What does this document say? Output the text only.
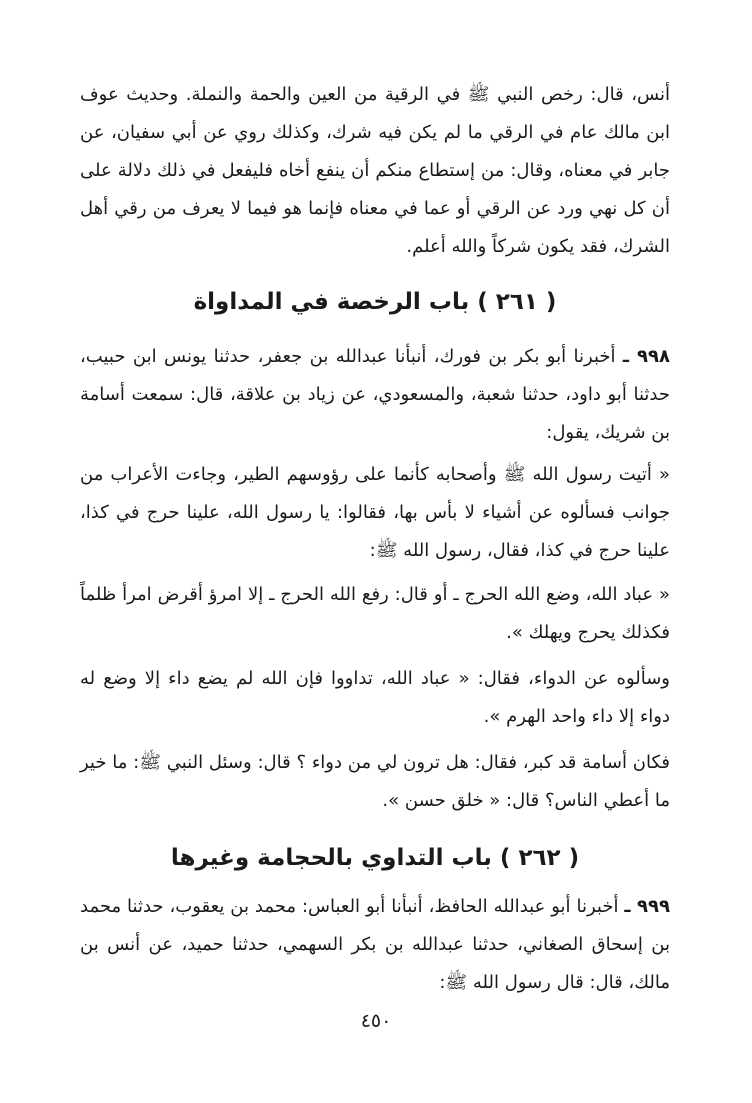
أنس، قال: رخص النبي ﷺ في الرقية من العين والحمة والنملة. وحديث عوف ابن مالك عام في الرقي ما لم يكن فيه شرك، وكذلك روي عن أبي سفيان، عن جابر في معناه، وقال: من إستطاع منكم أن ينفع أخاه فليفعل في ذلك دلالة على أن كل نهي ورد عن الرقي أو عما في معناه فإنما هو فيما لا يعرف من رقي أهل الشرك، فقد يكون شركاً والله أعلم.
( ٢٦١ ) باب الرخصة في المداواة
٩٩٨ ـ أخبرنا أبو بكر بن فورك، أنبأنا عبدالله بن جعفر، حدثنا يونس ابن حبيب، حدثنا أبو داود، حدثنا شعبة، والمسعودي، عن زياد بن علاقة، قال: سمعت أسامة بن شريك، يقول:
« أتيت رسول الله ﷺ وأصحابه كأنما على رؤوسهم الطير، وجاءت الأعراب من جوانب فسألوه عن أشياء لا بأس بها، فقالوا: يا رسول الله، علينا حرج في كذا، علينا حرج في كذا، فقال، رسول الله ﷺ:
« عباد الله، وضع الله الحرج ـ أو قال: رفع الله الحرج ـ إلا امرؤ أقرض امرأ ظلماً فكذلك يحرج ويهلك ».
وسألوه عن الدواء، فقال: « عباد الله، تداووا فإن الله لم يضع داء إلا وضع له دواء إلا داء واحد الهرم ».
فكان أسامة قد كبر، فقال: هل ترون لي من دواء ؟ قال: وسئل النبي ﷺ: ما خير ما أعطي الناس؟ قال: « خلق حسن ».
( ٢٦٢ ) باب التداوي بالحجامة وغيرها
٩٩٩ ـ أخبرنا أبو عبدالله الحافظ، أنبأنا أبو العباس: محمد بن يعقوب، حدثنا محمد بن إسحاق الصغاني، حدثنا عبدالله بن بكر السهمي، حدثنا حميد، عن أنس بن مالك، قال: قال رسول الله ﷺ:
٤٥٠
